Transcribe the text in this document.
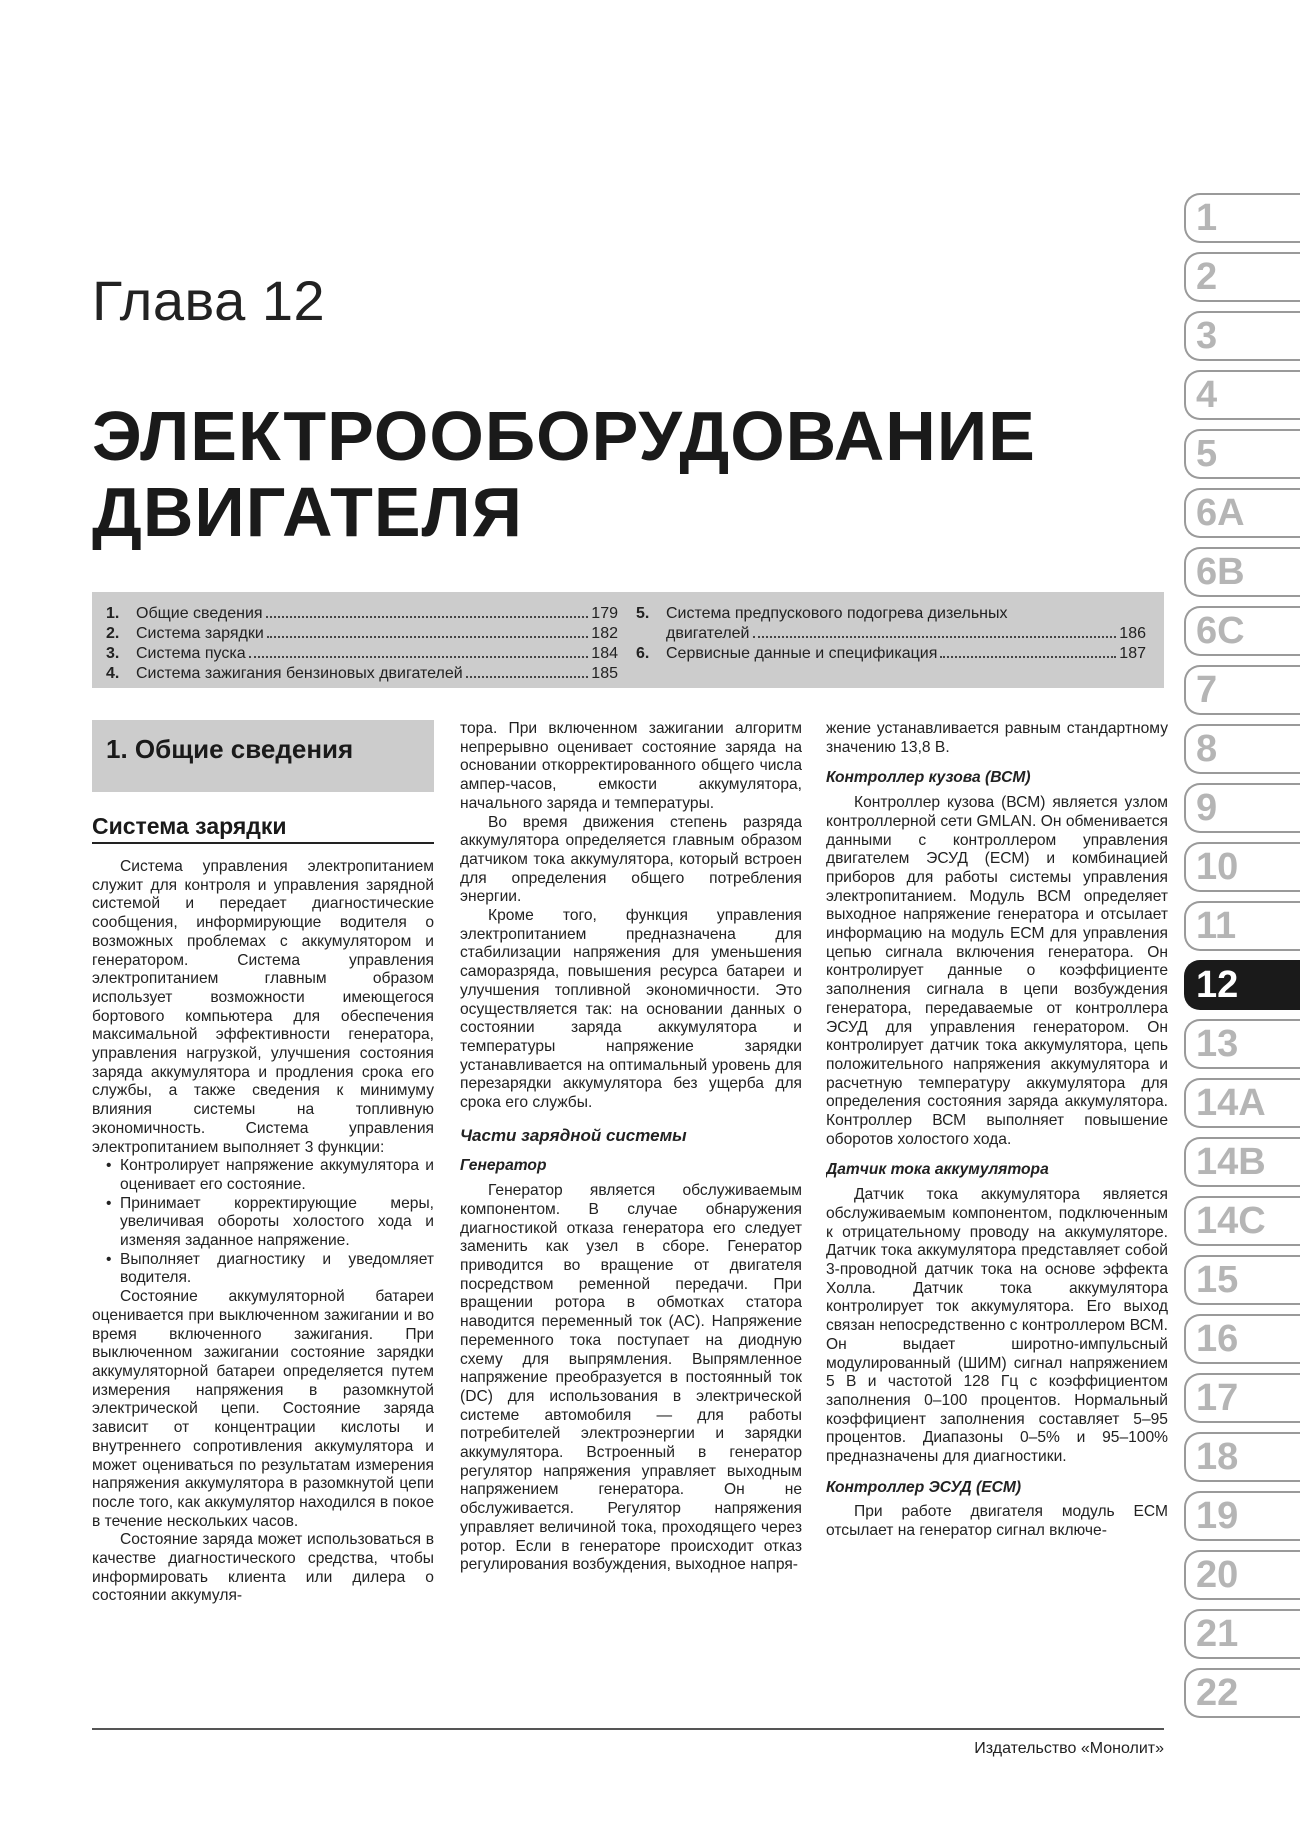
Глава 12
ЭЛЕКТРООБОРУДОВАНИЕ
ДВИГАТЕЛЯ
1.	Общие сведения	179
2.	Система зарядки	182
3.	Система пуска	184
4.	Система зажигания бензиновых двигателей	185
5.	Система предпускового подогрева дизельных
двигателей	186
6.	Сервисные данные и спецификация	187
1. Общие сведения
Система зарядки

Система управления электропитанием служит для контроля и управления зарядной системой и передает диагностические сообщения, информирующие водителя о возможных проблемах с аккумулятором и генератором. Система управления электропитанием главным образом использует возможности имеющегося бортового компьютера для обеспечения максимальной эффективности генератора, управления нагрузкой, улучшения состояния заряда аккумулятора и продления срока его службы, а также сведения к минимуму влияния системы на топливную экономичность. Система управления электропитанием выполняет 3 функции:

• Контролирует напряжение аккумулятора и оценивает его состояние.

• Принимает корректирующие меры, увеличивая обороты холостого хода и изменяя заданное напряжение.

• Выполняет диагностику и уведомляет водителя.

Состояние аккумуляторной батареи оценивается при выключенном зажигании и во время включенного зажигания. При выключенном зажигании состояние зарядки аккумуляторной батареи определяется путем измерения напряжения в разомкнутой электрической цепи. Состояние заряда зависит от концентрации кислоты и внутреннего сопротивления аккумулятора и может оцениваться по результатам измерения напряжения аккумулятора в разомкнутой цепи после того, как аккумулятор находился в покое в течение нескольких часов.

Состояние заряда может использоваться в качестве диагностического средства, чтобы информировать клиента или дилера о состоянии аккумуля-

тора. При включенном зажигании алгоритм непрерывно оценивает состояние заряда на основании откорректированного общего числа ампер-часов, емкости аккумулятора, начального заряда и температуры.

Во время движения степень разряда аккумулятора определяется главным образом датчиком тока аккумулятора, который встроен для определения общего потребления энергии.

Кроме того, функция управления электропитанием предназначена для стабилизации напряжения для уменьшения саморазряда, повышения ресурса батареи и улучшения топливной экономичности. Это осуществляется так: на основании данных о состоянии заряда аккумулятора и температуры напряжение зарядки устанавливается на оптимальный уровень для перезарядки аккумулятора без ущерба для срока его службы.

Части зарядной системы
Генератор

Генератор является обслуживаемым компонентом. В случае обнаружения диагностикой отказа генератора его следует заменить как узел в сборе. Генератор приводится во вращение от двигателя посредством ременной передачи. При вращении ротора в обмотках статора наводится переменный ток (AC). Напряжение переменного тока поступает на диодную схему для выпрямления. Выпрямленное напряжение преобразуется в постоянный ток (DC) для использования в электрической системе автомобиля — для работы потребителей электроэнергии и зарядки аккумулятора. Встроенный в генератор регулятор напряжения управляет выходным напряжением генератора. Он не обслуживается. Регулятор напряжения управляет величиной тока, проходящего через ротор. Если в генераторе происходит отказ регулирования возбуждения, выходное напря-

жение устанавливается равным стандартному значению 13,8 В.

Контроллер кузова (ВСМ)

Контроллер кузова (ВСМ) является узлом контроллерной сети GMLAN. Он обменивается данными с контроллером управления двигателем ЭСУД (ЕСМ) и комбинацией приборов для работы системы управления электропитанием. Модуль ВСМ определяет выходное напряжение генератора и отсылает информацию на модуль ЕСМ для управления цепью сигнала включения генератора. Он контролирует данные о коэффициенте заполнения сигнала в цепи возбуждения генератора, передаваемые от контроллера ЭСУД для управления генератором. Он контролирует датчик тока аккумулятора, цепь положительного напряжения аккумулятора и расчетную температуру аккумулятора для определения состояния заряда аккумулятора. Контроллер ВСМ выполняет повышение оборотов холостого хода.

Датчик тока аккумулятора

Датчик тока аккумулятора является обслуживаемым компонентом, подключенным к отрицательному проводу на аккумуляторе. Датчик тока аккумулятора представляет собой 3-проводной датчик тока на основе эффекта Холла. Датчик тока аккумулятора контролирует ток аккумулятора. Его выход связан непосредственно с контроллером ВСМ. Он выдает широтно-импульсный модулированный (ШИМ) сигнал напряжением 5 В и частотой 128 Гц с коэффициентом заполнения 0–100 процентов. Нормальный коэффициент заполнения составляет 5–95 процентов. Диапазоны 0–5% и 95–100% предназначены для диагностики.

Контроллер ЭСУД (ЕСМ)

При работе двигателя модуль ЕСМ отсылает на генератор сигнал включе-

Издательство «Монолит»
1
2
3
4
5
6A
6B
6C
7
8
9
10
11
12
13
14A
14B
14C
15
16
17
18
19
20
21
22
